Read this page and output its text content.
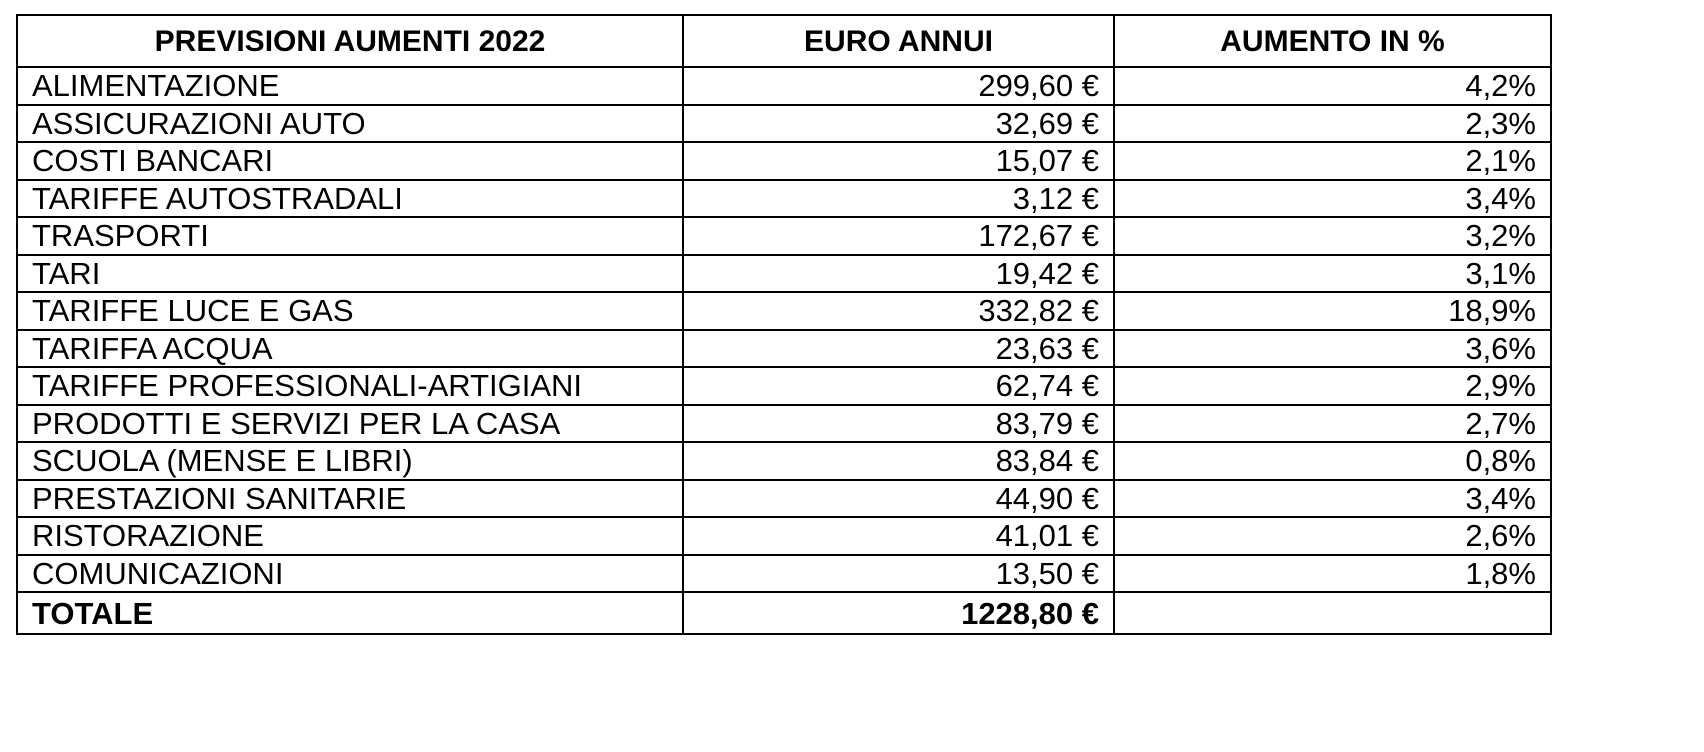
PREVISIONI AUMENTI 2022	EURO ANNUI	AUMENTO IN %
ALIMENTAZIONE	299,60 €	4,2%
ASSICURAZIONI AUTO	32,69 €	2,3%
COSTI BANCARI	15,07 €	2,1%
TARIFFE AUTOSTRADALI	3,12 €	3,4%
TRASPORTI	172,67 €	3,2%
TARI	19,42 €	3,1%
TARIFFE LUCE E GAS	332,82 €	18,9%
TARIFFA ACQUA	23,63 €	3,6%
TARIFFE PROFESSIONALI-ARTIGIANI	62,74 €	2,9%
PRODOTTI E SERVIZI PER LA CASA	83,79 €	2,7%
SCUOLA (MENSE E LIBRI)	83,84 €	0,8%
PRESTAZIONI SANITARIE	44,90 €	3,4%
RISTORAZIONE	41,01 €	2,6%
COMUNICAZIONI	13,50 €	1,8%
TOTALE	1228,80 €	
